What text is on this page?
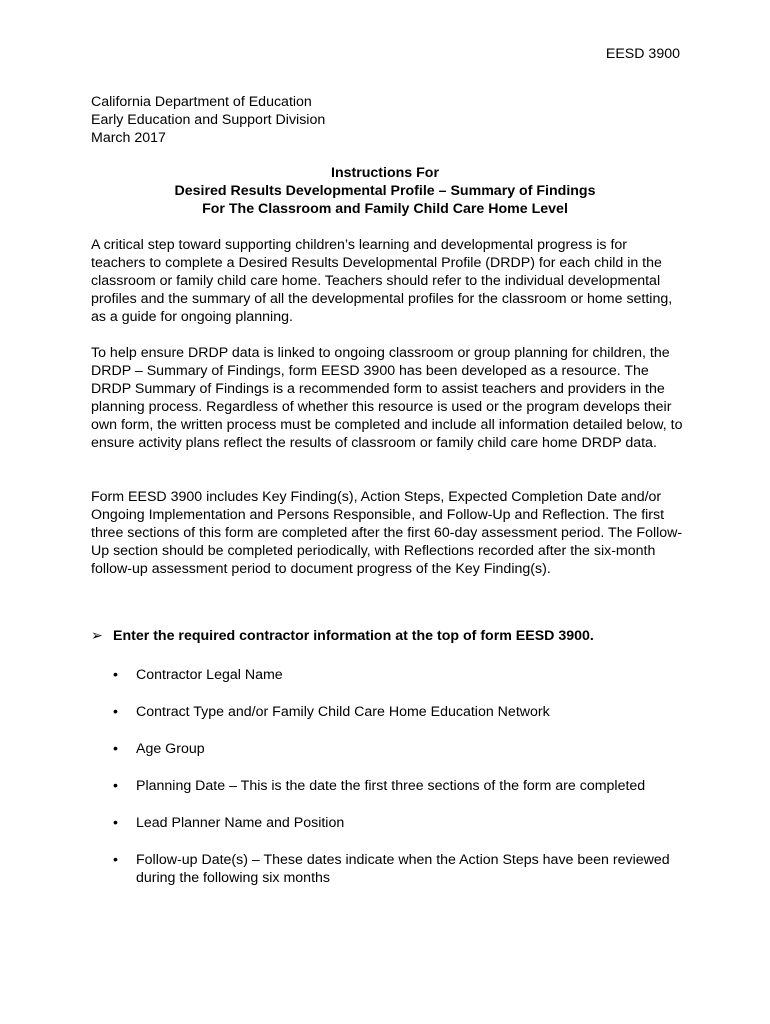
EESD 3900
California Department of Education
Early Education and Support Division
March 2017
Instructions For
Desired Results Developmental Profile – Summary of Findings
For The Classroom and Family Child Care Home Level

A critical step toward supporting children’s learning and developmental progress is for teachers to complete a Desired Results Developmental Profile (DRDP) for each child in the classroom or family child care home. Teachers should refer to the individual developmental profiles and the summary of all the developmental profiles for the classroom or home setting, as a guide for ongoing planning.

To help ensure DRDP data is linked to ongoing classroom or group planning for children, the DRDP – Summary of Findings, form EESD 3900 has been developed as a resource. The DRDP Summary of Findings is a recommended form to assist teachers and providers in the planning process. Regardless of whether this resource is used or the program develops their own form, the written process must be completed and include all information detailed below, to ensure activity plans reflect the results of classroom or family child care home DRDP data.

Form EESD 3900 includes Key Finding(s), Action Steps, Expected Completion Date and/or Ongoing Implementation and Persons Responsible, and Follow-Up and Reflection. The first three sections of this form are completed after the first 60-day assessment period. The Follow-Up section should be completed periodically, with Reflections recorded after the six-month follow-up assessment period to document progress of the Key Finding(s).

➢ Enter the required contractor information at the top of form EESD 3900.
• Contractor Legal Name
• Contract Type and/or Family Child Care Home Education Network
• Age Group
• Planning Date – This is the date the first three sections of the form are completed
• Lead Planner Name and Position
• Follow-up Date(s) – These dates indicate when the Action Steps have been reviewed during the following six months
